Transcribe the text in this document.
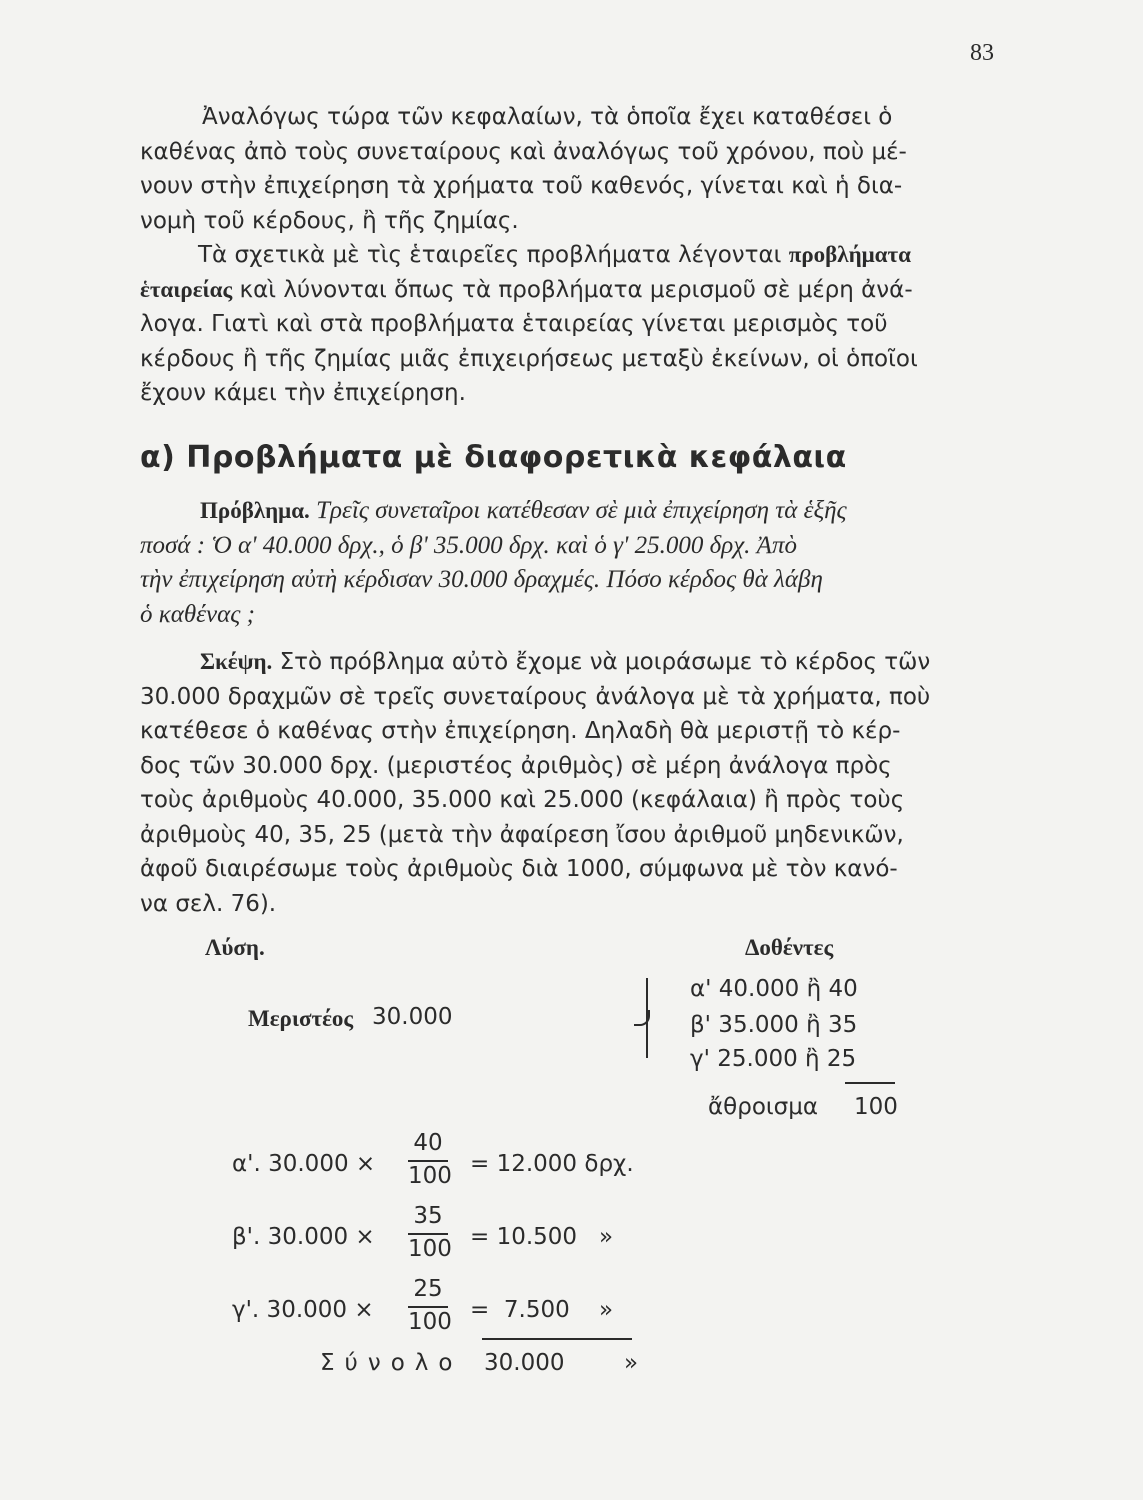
83
Ἀναλόγως τώρα τῶν κεφαλαίων, τὰ ὁποῖα ἔχει καταθέσει ὁ
καθένας ἀπὸ τοὺς συνεταίρους καὶ ἀναλόγως τοῦ χρόνου, ποὺ μέ-
νουν στὴν ἐπιχείρηση τὰ χρήματα τοῦ καθενός, γίνεται καὶ ἡ δια-
νομὴ τοῦ κέρδους, ἢ τῆς ζημίας.
Τὰ σχετικὰ μὲ τὶς ἑταιρεῖες προβλήματα λέγονται προβλήματα
ἑταιρείας καὶ λύνονται ὅπως τὰ προβλήματα μερισμοῦ σὲ μέρη ἀνά-
λογα. Γιατὶ καὶ στὰ προβλήματα ἑταιρείας γίνεται μερισμὸς τοῦ
κέρδους ἢ τῆς ζημίας μιᾶς ἐπιχειρήσεως μεταξὺ ἐκείνων, οἱ ὁποῖοι
ἔχουν κάμει τὴν ἐπιχείρηση.
α) Προβλήματα μὲ διαφορετικὰ κεφάλαια
Πρόβλημα. Τρεῖς συνεταῖροι κατέθεσαν σὲ μιὰ ἐπιχείρηση τὰ ἑξῆς
ποσά : Ὁ α' 40.000 δρχ., ὁ β' 35.000 δρχ. καὶ ὁ γ' 25.000 δρχ. Ἀπὸ
τὴν ἐπιχείρηση αὐτὴ κέρδισαν 30.000 δραχμές. Πόσο κέρδος θὰ λάβη
ὁ καθένας ;
Σκέψη. Στὸ πρόβλημα αὐτὸ ἔχομε νὰ μοιράσωμε τὸ κέρδος τῶν
30.000 δραχμῶν σὲ τρεῖς συνεταίρους ἀνάλογα μὲ τὰ χρήματα, ποὺ
κατέθεσε ὁ καθένας στὴν ἐπιχείρηση. Δηλαδὴ θὰ μεριστῇ τὸ κέρ-
δος τῶν 30.000 δρχ. (μεριστέος ἀριθμὸς) σὲ μέρη ἀνάλογα πρὸς
τοὺς ἀριθμοὺς 40.000, 35.000 καὶ 25.000 (κεφάλαια) ἢ πρὸς τοὺς
ἀριθμοὺς 40, 35, 25 (μετὰ τὴν ἀφαίρεση ἴσου ἀριθμοῦ μηδενικῶν,
ἀφοῦ διαιρέσωμε τοὺς ἀριθμοὺς διὰ 1000, σύμφωνα μὲ τὸν κανό-
να σελ. 76).
Λύση.	Δοθέντες
Μεριστέος 30.000
α' 40.000 ἢ 40
β' 35.000 ἢ 35
γ' 25.000 ἢ 25
ἄθροισμα 100
α'. 30.000 ×
40
100 = 12.000 δρχ.
β'. 30.000 ×
35
100 = 10.500   »
γ'. 30.000 ×
25
100 =  7.500    »
Σύνολο 30.000	»
